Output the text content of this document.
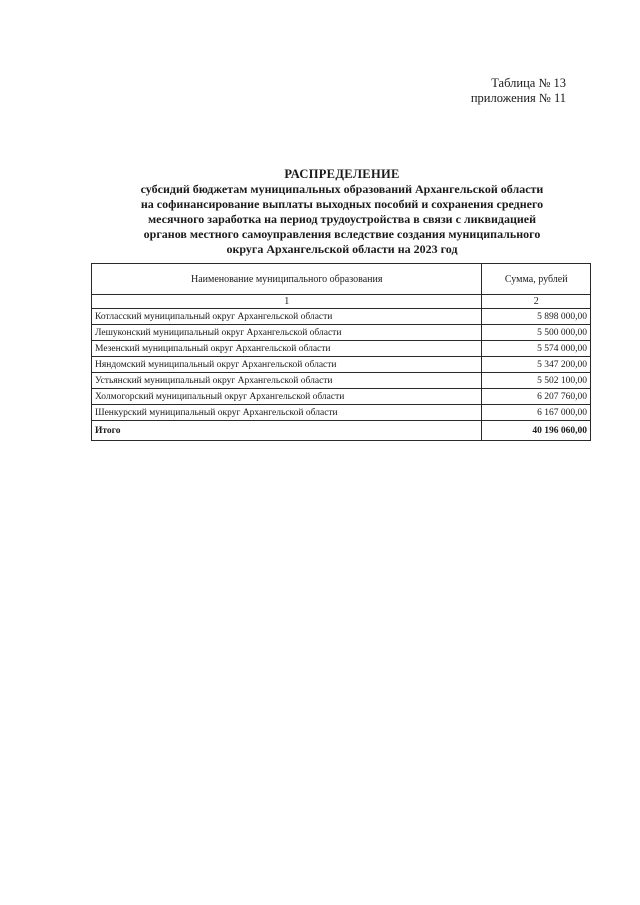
Таблица № 13
приложения № 11
РАСПРЕДЕЛЕНИЕ
субсидий бюджетам муниципальных образований Архангельской области
на софинансирование выплаты выходных пособий и сохранения среднего
месячного заработка на период трудоустройства в связи с ликвидацией
органов местного самоуправления вследствие создания муниципального
округа Архангельской области на 2023 год
Наименование муниципального образования	Сумма, рублей
1	2
Котласский муниципальный округ Архангельской области	5 898 000,00
Лешуконский муниципальный округ Архангельской области	5 500 000,00
Мезенский муниципальный округ Архангельской области	5 574 000,00
Няндомский муниципальный округ Архангельской области	5 347 200,00
Устьянский муниципальный округ Архангельской области	5 502 100,00
Холмогорский муниципальный округ Архангельской области	6 207 760,00
Шенкурский муниципальный округ Архангельской области	6 167 000,00
Итого	40 196 060,00
